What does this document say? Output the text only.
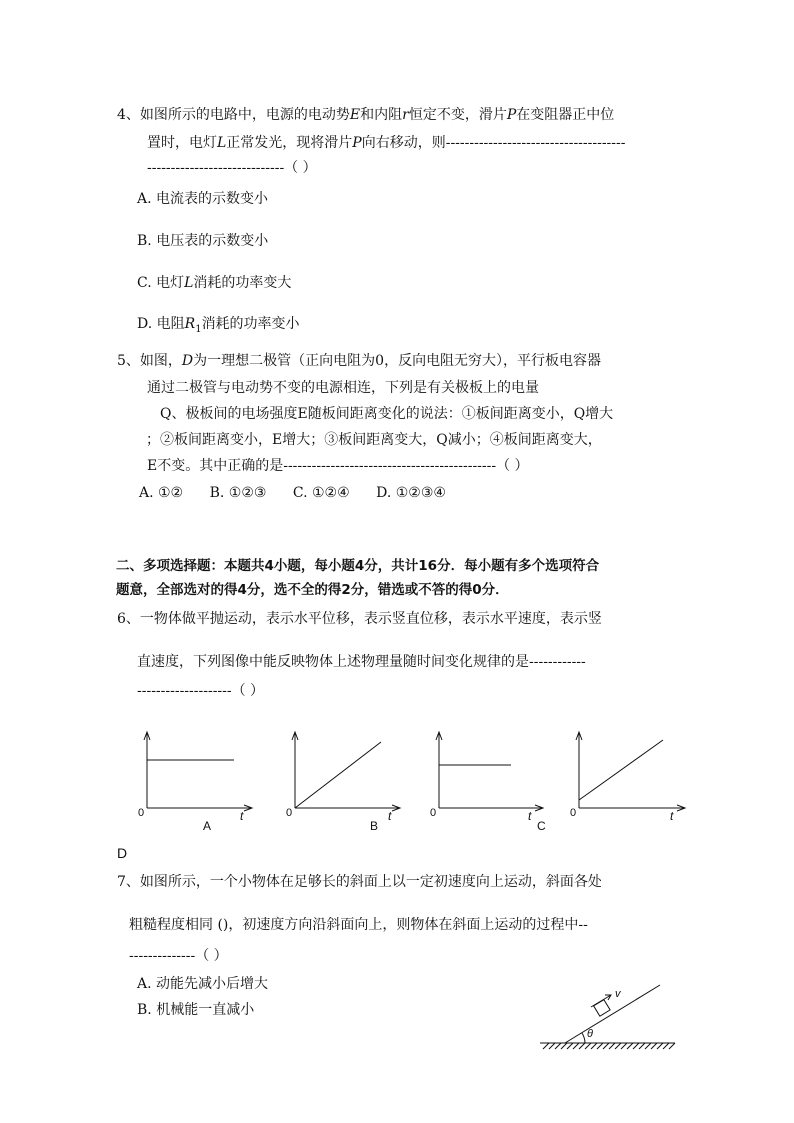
4、如图所示的电路中，电源的电动势E和内阻r恒定不变，滑片P在变阻器正中位
置时，电灯L正常发光，现将滑片P向右移动，则--------------------------------------
-----------------------------（ ）
A. 电流表的示数变小
B. 电压表的示数变小
C. 电灯L消耗的功率变大
D. 电阻$R_1$消耗的功率变小
5、如图，D为一理想二极管（正向电阻为0，反向电阻无穷大），平行板电容器
通过二极管与电动势不变的电源相连，下列是有关极板上的电量
Q、极板间的电场强度E随板间距离变化的说法：①板间距离变小，Q增大
；②板间距离变小，E增大；③板间距离变大，Q减小；④板间距离变大，
E不变。其中正确的是---------------------------------------------（ ）
A. ①② B. ①②③ C. ①②④ D. ①②③④
二、多项选择题：本题共4小题，每小题4分，共计16分．每小题有多个选项符合
题意，全部选对的得4分，选不全的得2分，错选或不答的得0分．
6、一物体做平抛运动，表示水平位移，表示竖直位移，表示水平速度，表示竖
直速度，下列图像中能反映物体上述物理量随时间变化规律的是------------
--------------------（ ）
0	t
A
0	t
B
0	t
C
0	t
D
7、如图所示，一个小物体在足够长的斜面上以一定初速度向上运动，斜面各处
粗糙程度相同 ()，初速度方向沿斜面向上，则物体在斜面上运动的过程中--
--------------（ ）
A. 动能先减小后增大
B. 机械能一直减小
v
θ
